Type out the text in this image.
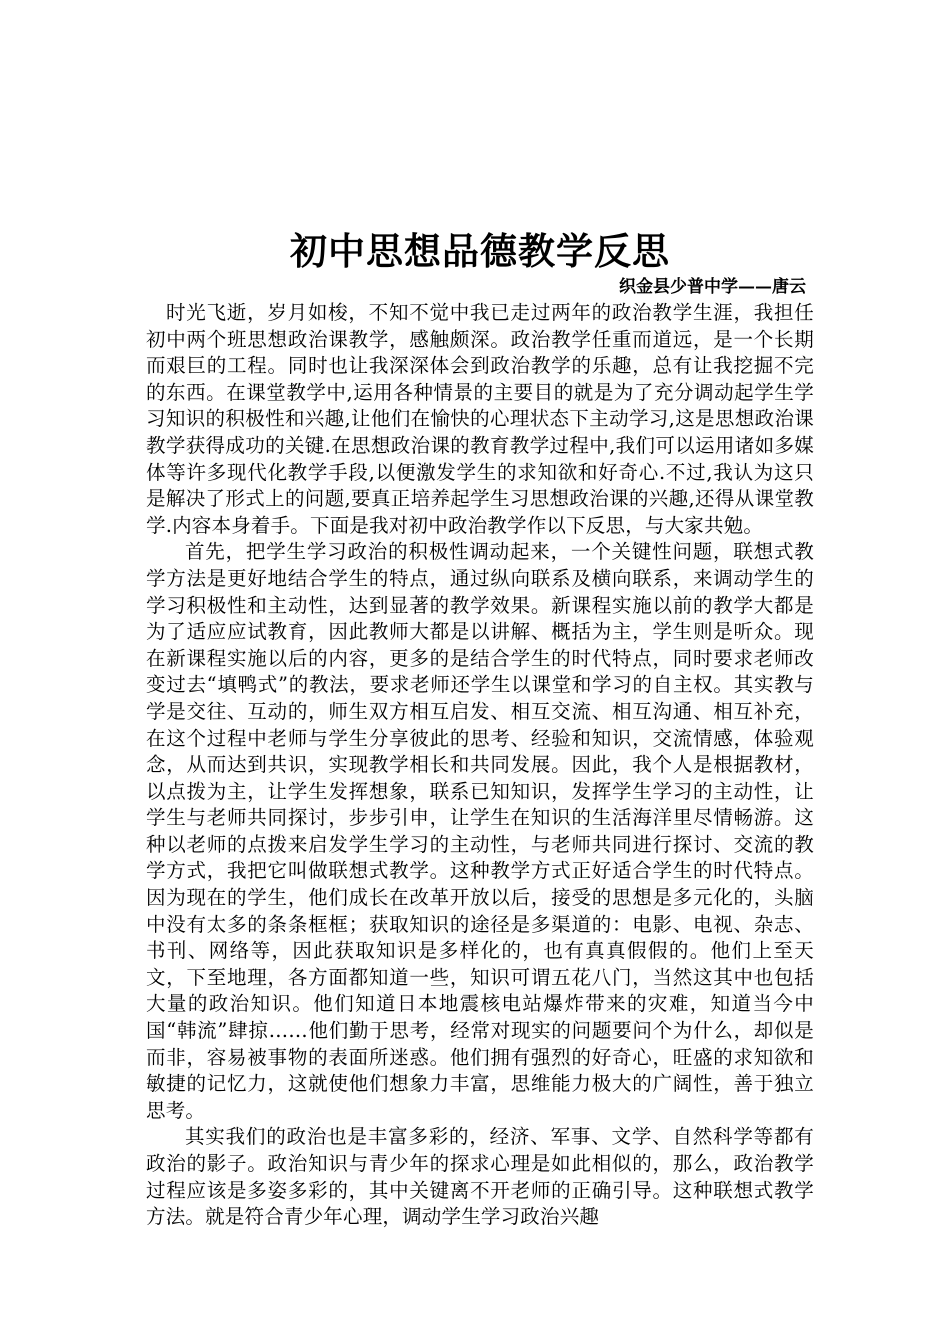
初中思想品德教学反思

织金县少普中学——唐云

时光飞逝，岁月如梭，不知不觉中我已走过两年的政治教学生涯，我担任初中两个班思想政治课教学，感触颇深。政治教学任重而道远，是一个长期而艰巨的工程。同时也让我深深体会到政治教学的乐趣，总有让我挖掘不完的东西。在课堂教学中,运用各种情景的主要目的就是为了充分调动起学生学习知识的积极性和兴趣,让他们在愉快的心理状态下主动学习,这是思想政治课教学获得成功的关键.在思想政治课的教育教学过程中,我们可以运用诸如多媒体等许多现代化教学手段,以便激发学生的求知欲和好奇心.不过,我认为这只是解决了形式上的问题,要真正培养起学生习思想政治课的兴趣,还得从课堂教学.内容本身着手。下面是我对初中政治教学作以下反思，与大家共勉。

首先，把学生学习政治的积极性调动起来，一个关键性问题，联想式教学方法是更好地结合学生的特点，通过纵向联系及横向联系，来调动学生的学习积极性和主动性，达到显著的教学效果。新课程实施以前的教学大都是为了适应应试教育，因此教师大都是以讲解、概括为主，学生则是听众。现在新课程实施以后的内容，更多的是结合学生的时代特点，同时要求老师改变过去“填鸭式”的教法，要求老师还学生以课堂和学习的自主权。其实教与学是交往、互动的，师生双方相互启发、相互交流、相互沟通、相互补充，在这个过程中老师与学生分享彼此的思考、经验和知识，交流情感，体验观念，从而达到共识，实现教学相长和共同发展。因此，我个人是根据教材，以点拨为主，让学生发挥想象，联系已知知识，发挥学生学习的主动性，让学生与老师共同探讨，步步引申，让学生在知识的生活海洋里尽情畅游。这种以老师的点拨来启发学生学习的主动性，与老师共同进行探讨、交流的教学方式，我把它叫做联想式教学。这种教学方式正好适合学生的时代特点。因为现在的学生，他们成长在改革开放以后，接受的思想是多元化的，头脑中没有太多的条条框框；获取知识的途径是多渠道的：电影、电视、杂志、书刊、网络等，因此获取知识是多样化的，也有真真假假的。他们上至天文，下至地理，各方面都知道一些，知识可谓五花八门，当然这其中也包括大量的政治知识。他们知道日本地震核电站爆炸带来的灾难，知道当今中国“韩流”肆掠……他们勤于思考，经常对现实的问题要问个为什么，却似是而非，容易被事物的表面所迷惑。他们拥有强烈的好奇心，旺盛的求知欲和敏捷的记忆力，这就使他们想象力丰富，思维能力极大的广阔性，善于独立思考。

其实我们的政治也是丰富多彩的，经济、军事、文学、自然科学等都有政治的影子。政治知识与青少年的探求心理是如此相似的，那么，政治教学过程应该是多姿多彩的，其中关键离不开老师的正确引导。这种联想式教学方法。就是符合青少年心理，调动学生学习政治兴趣
